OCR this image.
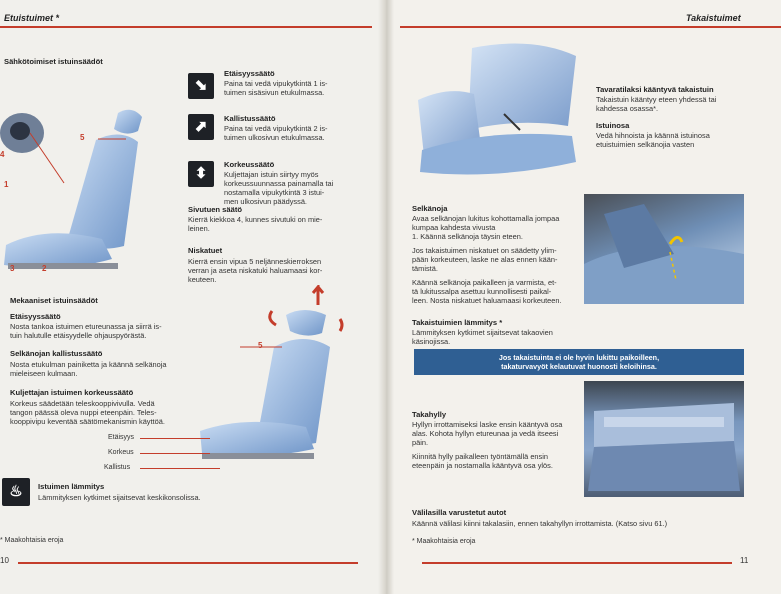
Etuistuimet *
Sähkötoimiset istuinsäädöt
4
5
1
3	2
⬊
⬈
⬍
Etäisyyssäätö
Paina tai vedä vipukytkintä 1 is-
tuimen sisäsivun etukulmassa.
Kallistussäätö
Paina tai vedä vipukytkintä 2 is-
tuimen ulkosivun etukulmassa.
Korkeussäätö
Kuljettajan istuin siirtyy myös
korkeussuunnassa painamalla tai
nostamalla vipukytkintä 3 istui-
men ulkosivun päädyssä.
Sivutuen säätö
Kierrä kiekkoa 4, kunnes sivutuki on mie-
leinen.
Niskatuet
Kierrä ensin vipua 5 neljänneskierroksen
verran ja aseta niskatuki haluamaasi kor-
keuteen.
Mekaaniset istuinsäädöt
Etäisyyssäätö
Nosta tankoa istuimen etureunassa ja siirrä is-
tuin halutulle etäisyydelle ohjauspyörästä.
Selkänojan kallistussäätö
Nosta etukulman painiketta ja käännä selkänoja
mieleiseen kulmaan.
Kuljettajan istuimen korkeussäätö
Korkeus säädetään teleskooppivivulla. Vedä
tangon päässä oleva nuppi eteenpäin. Teles-
kooppivipu keventää säätömekanismin käyttöä.
5
Etäisyys
Korkeus
Kallistus
♨	Istuimen lämmitys
Lämmityksen kytkimet sijaitsevat keskikonsolissa.
* Maakohtaisia eroja
10
Takaistuimet
Tavaratilaksi kääntyvä takaistuin
Takaistuin kääntyy eteen yhdessä tai
kahdessa osassa*.
Istuinosa
Vedä hihnoista ja käännä istuinosa
etuistuimien selkänojia vasten
Selkänoja
Avaa selkänojan lukitus kohottamalla jompaa
kumpaa kahdesta vivusta
1. Käännä selkänoja täysin eteen.
Jos takaistuimen niskatuet on säädetty ylim-
pään korkeuteen, laske ne alas ennen kään-
tämistä.
Käännä selkänoja paikalleen ja varmista, et-
tä lukitussalpa asettuu kunnollisesti paikal-
leen. Nosta niskatuet haluamaasi korkeuteen.
Takaistuimien lämmitys *
Lämmityksen kytkimet sijaitsevat takaovien
käsinojissa.
Jos takaistuinta ei ole hyvin lukittu paikoilleen,
takaturvavyöt kelautuvat huonosti keloihinsa.
Takahylly
Hyllyn irrottamiseksi laske ensin kääntyvä osa
alas. Kohota hyllyn etureunaa ja vedä itseesi
päin.
Kiinnitä hylly paikalleen työntämällä ensin
eteenpäin ja nostamalla kääntyvä osa ylös.
Välilasilla varustetut autot
Käännä välilasi kiinni takalasiin, ennen takahyllyn irrottamista. (Katso sivu 61.)
* Maakohtaisia eroja
11
